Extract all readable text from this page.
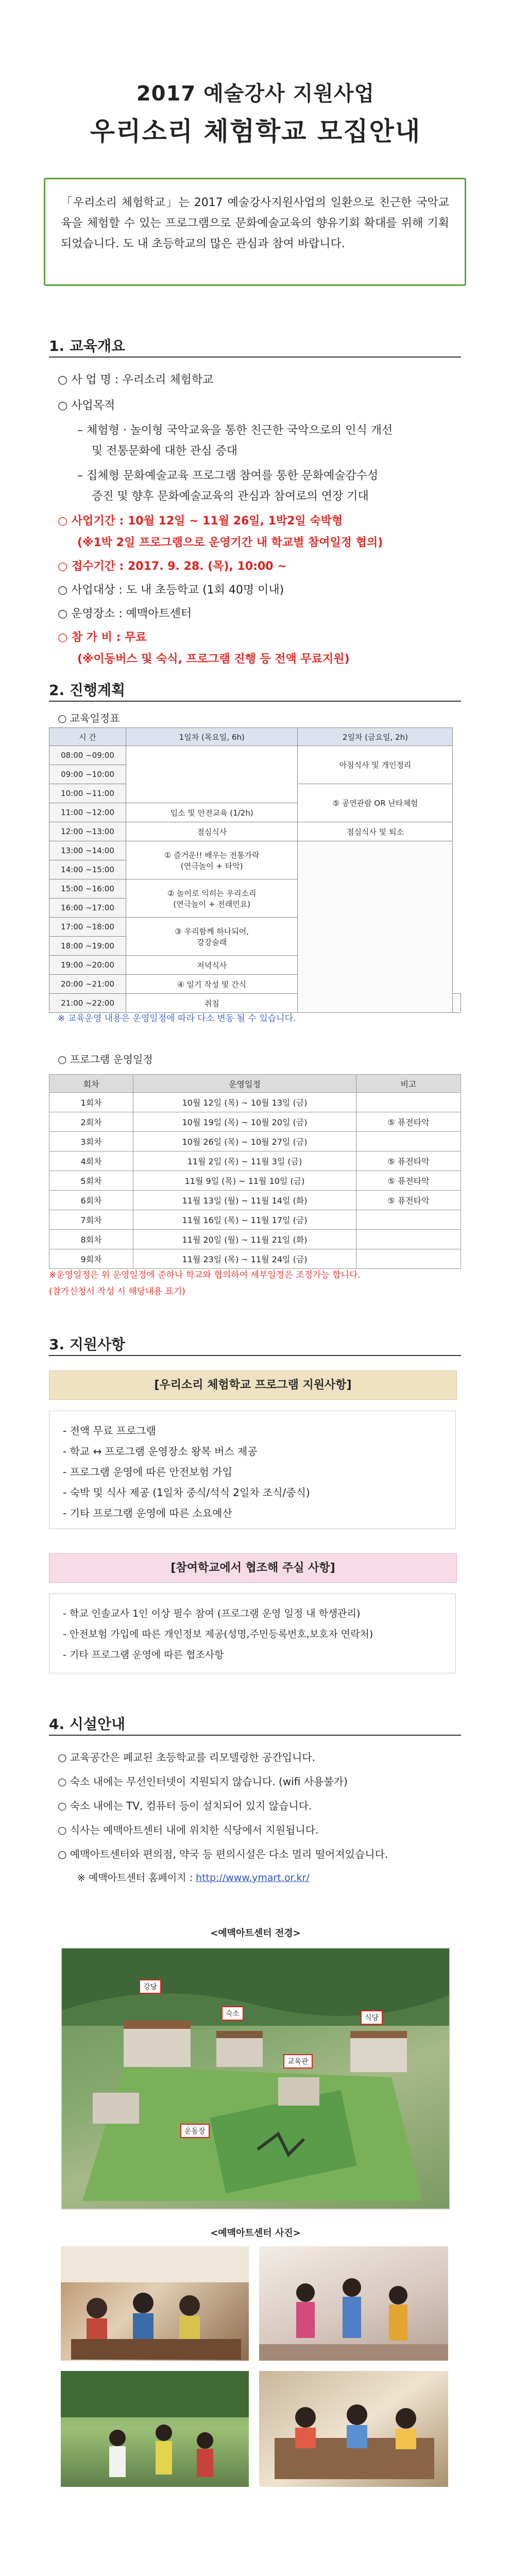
2017 예술강사 지원사업
우리소리 체험학교 모집안내
「우리소리 체험학교」는 2017 예술강사지원사업의 일환으로 친근한 국악교육을 체험할 수 있는 프로그램으로 문화예술교육의 향유기회 확대를 위해 기획되었습니다. 도 내 초등학교의 많은 관심과 참여 바랍니다.
1. 교육개요
○ 사 업 명 : 우리소리 체험학교
○ 사업목적
– 체험형 · 놀이형 국악교육을 통한 친근한 국악으로의 인식 개선
및 전통문화에 대한 관심 증대
– 집체형 문화예술교육 프로그램 참여를 통한 문화예술감수성
증진 및 향후 문화예술교육의 관심과 참여로의 연장 기대
○ 사업기간 : 10월 12일 ~ 11월 26일, 1박2일 숙박형
(※1박 2일 프로그램으로 운영기간 내 학교별 참여일정 협의)
○ 접수기간 : 2017. 9. 28. (목), 10:00 ~
○ 사업대상 : 도 내 초등학교 (1회 40명 이내)
○ 운영장소 : 예맥아트센터
○ 참 가 비 : 무료
(※이동버스 및 숙식, 프로그램 진행 등 전액 무료지원)
2. 진행계획
○ 교육일정표
시 간	1일차 (목요일, 6h)	2일차 (금요일, 2h)	
08:00 ~09:00		아침식사 및 개인정리	
09:00 ~10:00			
10:00 ~11:00		⑤ 공연관람 OR 난타체험	
11:00 ~12:00	입소 및 안전교육 (1/2h)		
12:00 ~13:00	점심식사	점심식사 및 퇴소	
13:00 ~14:00	① 즐거운!! 배우는 전통가락
(연극놀이 + 타악)		
14:00 ~15:00			
15:00 ~16:00	② 놀이로 익히는 우리소리
(연극놀이 + 전래민요)		
16:00 ~17:00			
17:00 ~18:00	③ 우리함께 하나되어,
강강술래		
18:00 ~19:00			
19:00 ~20:00	저녁식사		
20:00 ~21:00	④ 일기 작성 및 간식		
21:00 ~22:00	취침		
※ 교육운영 내용은 운영일정에 따라 다소 변동 될 수 있습니다.
○ 프로그램 운영일정
회차	운영일정	비고
1회차	10월 12일 (목) ~ 10월 13일 (금)	
2회차	10월 19일 (목) ~ 10월 20일 (금)	⑤ 퓨전타악
3회차	10월 26일 (목) ~ 10월 27일 (금)	
4회차	11월 2일 (목) ~ 11월 3일 (금)	⑤ 퓨전타악
5회차	11월 9일 (목) ~ 11월 10일 (금)	⑤ 퓨전타악
6회차	11월 13일 (월) ~ 11월 14일 (화)	⑤ 퓨전타악
7회차	11월 16일 (목) ~ 11월 17일 (금)	
8회차	11월 20일 (월) ~ 11월 21일 (화)	
9회차	11월 23일 (목) ~ 11월 24일 (금)	
※운영일정은 위 운영일정에 준하나 학교와 협의하여 세부일정은 조정가능 합니다.
(참가신청서 작성 시 해당내용 표기)
3. 지원사항
[우리소리 체험학교 프로그램 지원사항]
- 전액 무료 프로그램
- 학교 ↔ 프로그램 운영장소 왕복 버스 제공
- 프로그램 운영에 따른 안전보험 가입
- 숙박 및 식사 제공 (1일차 중식/석식 2일차 조식/중식)
- 기타 프로그램 운영에 따른 소요예산
[참여학교에서 협조해 주실 사항]
- 학교 인솔교사 1인 이상 필수 참여 (프로그램 운영 일정 내 학생관리)
- 안전보험 가입에 따른 개인정보 제공(성명,주민등록번호,보호자 연락처)
- 기타 프로그램 운영에 따른 협조사항
4. 시설안내
○ 교육공간은 폐교된 초등학교를 리모델링한 공간입니다.
○ 숙소 내에는 무선인터넷이 지원되지 않습니다. (wifi 사용불가)
○ 숙소 내에는 TV, 컴퓨터 등이 설치되어 있지 않습니다.
○ 식사는 예맥아트센터 내에 위치한 식당에서 지원됩니다.
○ 예맥아트센터와 편의점, 약국 등 편의시설은 다소 멀리 떨어져있습니다.
※ 예맥아트센터 홈페이지 : http://www.ymart.or.kr/
<예맥아트센터 전경>
강당
숙소	식당
교육관
운동장
<예맥아트센터 사진>
